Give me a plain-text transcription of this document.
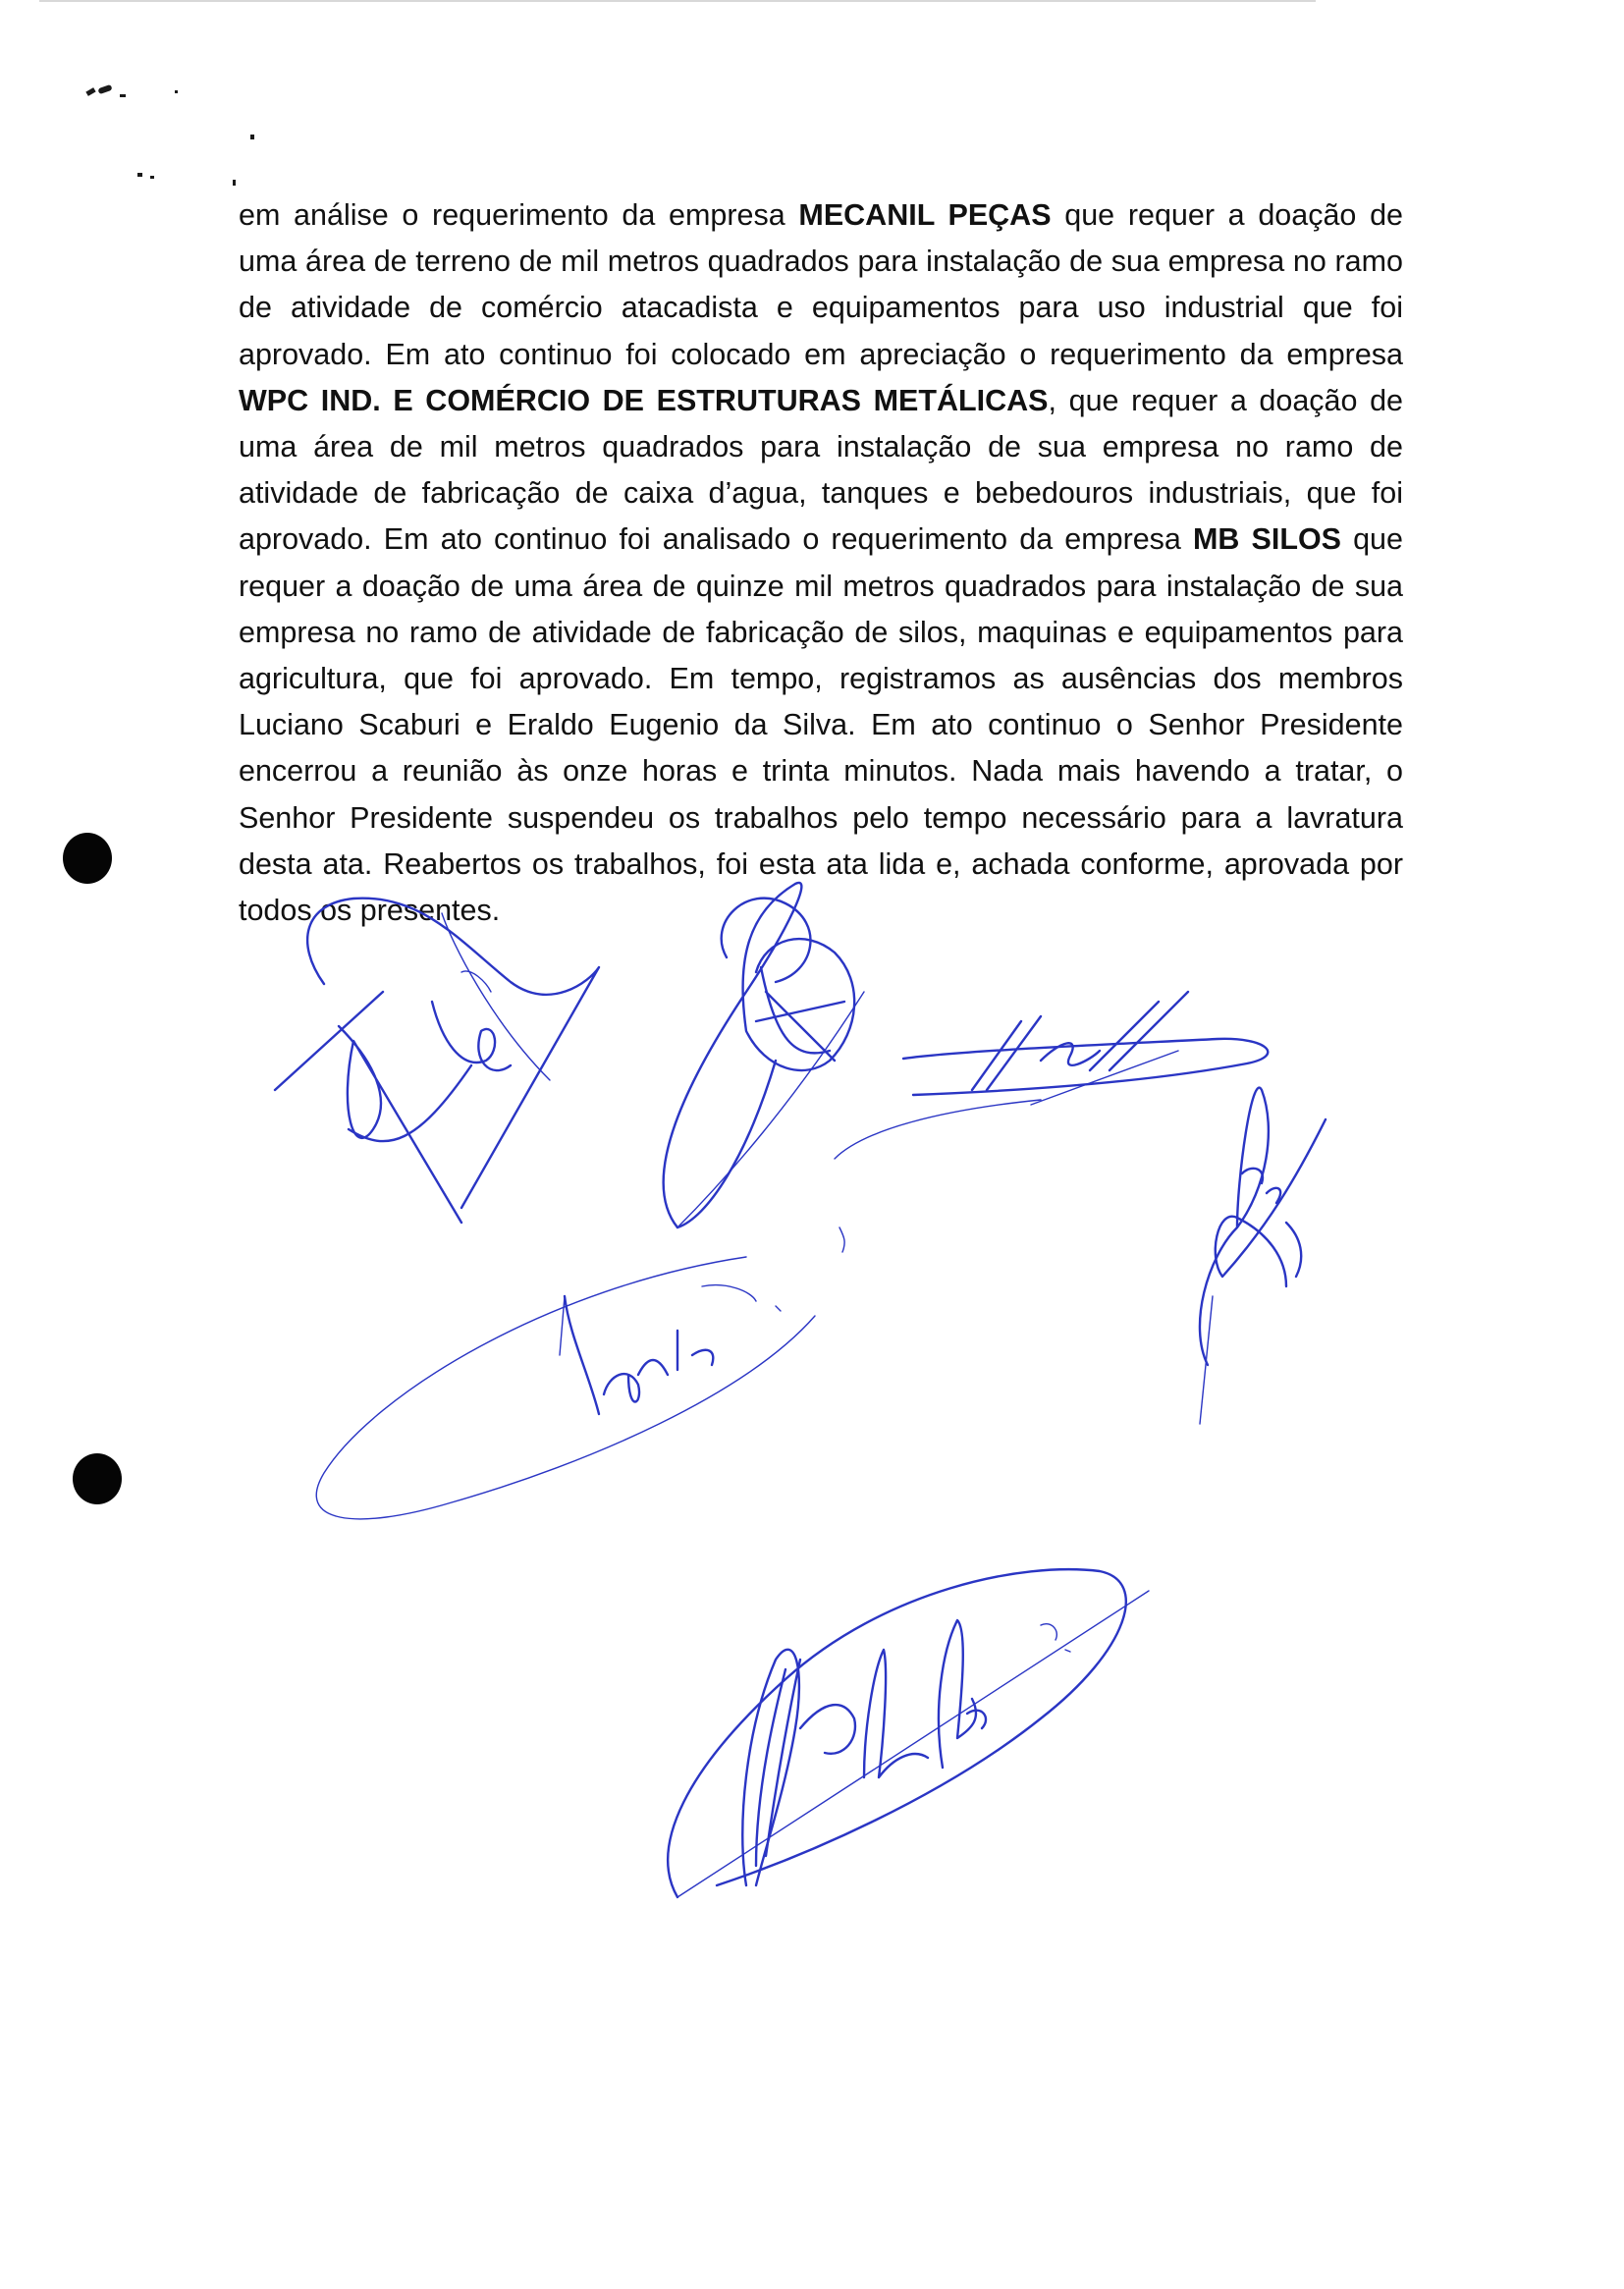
em análise o requerimento da empresa MECANIL PEÇAS que requer a doação de uma área de terreno de mil metros quadrados para instalação de sua empresa no ramo de atividade de comércio atacadista e equipamentos para uso industrial que foi aprovado. Em ato continuo foi colocado em apreciação o requerimento da empresa WPC IND. E COMÉRCIO DE ESTRUTURAS METÁLICAS, que requer a doação de uma área de mil metros quadrados para instalação de sua empresa no ramo de atividade de fabricação de caixa d’agua, tanques e bebedouros industriais, que foi aprovado. Em ato continuo foi analisado o requerimento da empresa MB SILOS que requer a doação de uma área de quinze mil metros quadrados para instalação de sua empresa no ramo de atividade de fabricação de silos, maquinas e equipamentos para agricultura, que foi aprovado. Em tempo, registramos as ausências dos membros Luciano Scaburi e Eraldo Eugenio da Silva. Em ato continuo o Senhor Presidente encerrou a reunião às onze horas e trinta minutos. Nada mais havendo a tratar, o Senhor Presidente suspendeu os trabalhos pelo tempo necessário para a lavratura desta ata. Reabertos os trabalhos, foi esta ata lida e, achada conforme, aprovada por todos os presentes.
